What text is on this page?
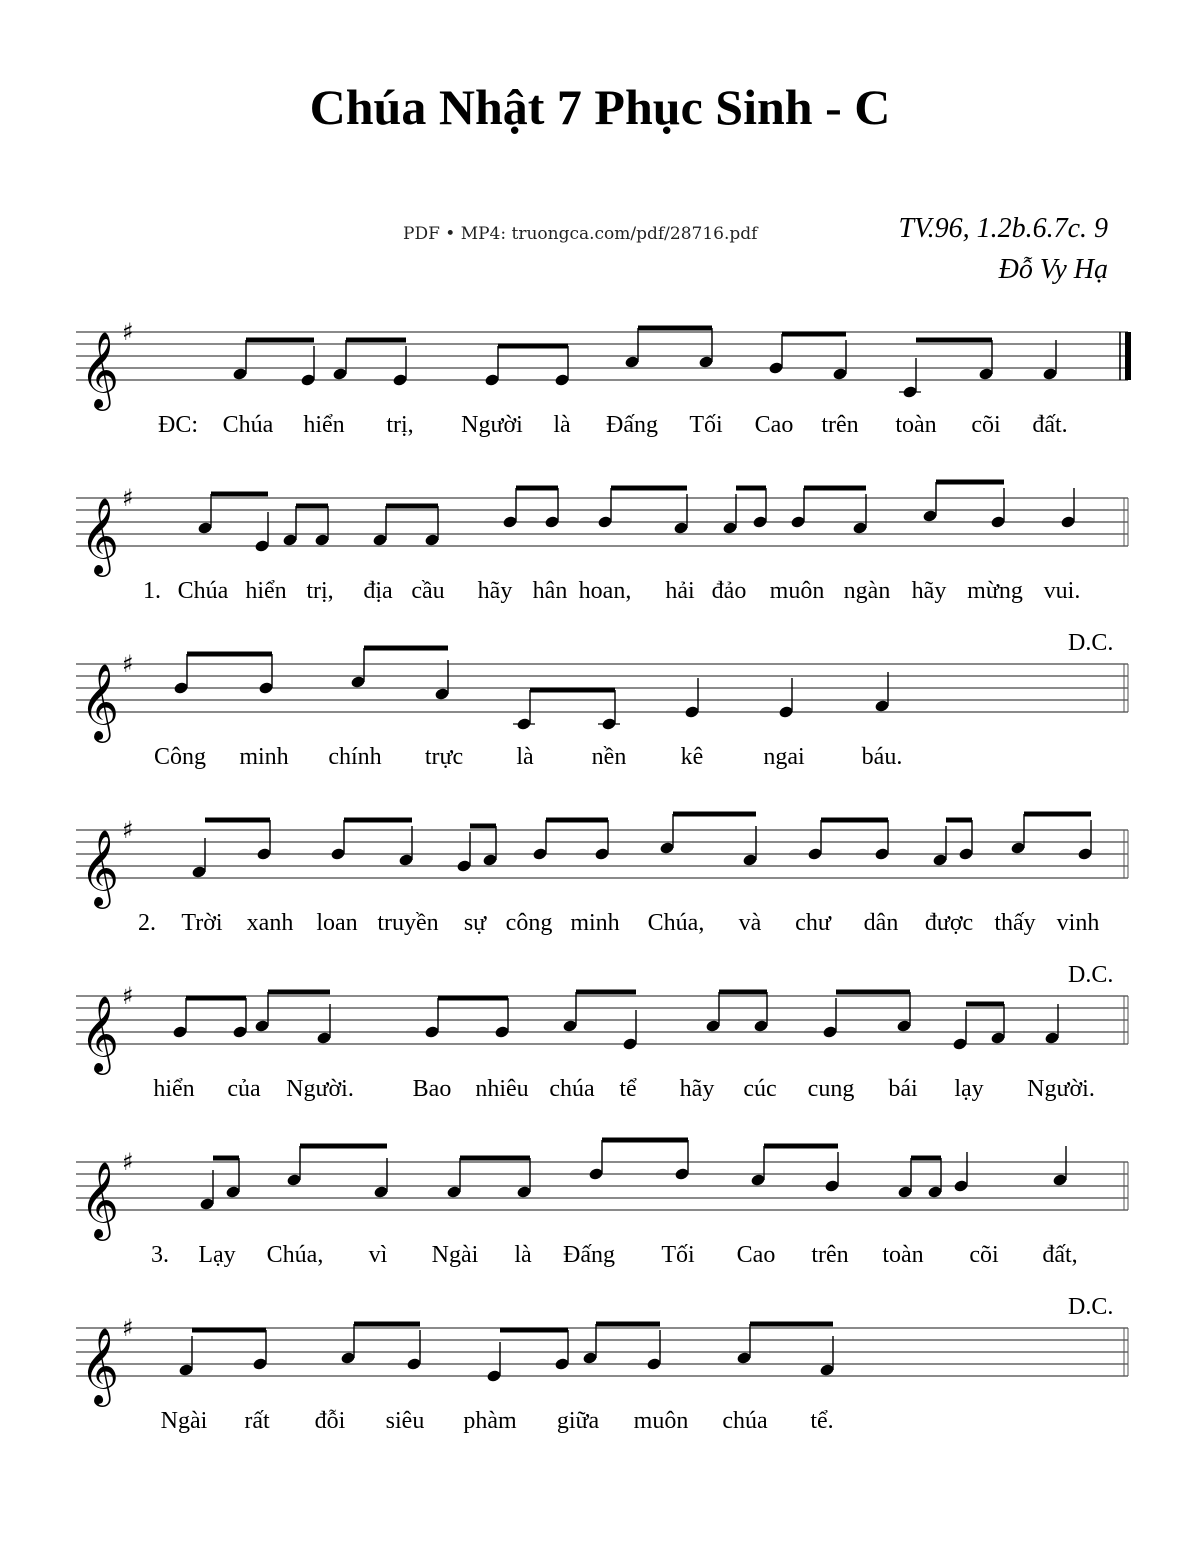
Chúa Nhật 7 Phục Sinh - C
PDF • MP4: truongca.com/pdf/28716.pdf	TV.96, 1.2b.6.7c. 9
Đỗ Vy Hạ
𝄞 ♯
ĐC: Chúa hiển trị, Người là Đấng Tối Cao trên toàn cõi đất.
𝄞 ♯
1. Chúa hiển trị, địa cầu hãy hân hoan, hải đảo muôn ngàn hãy mừng vui.
𝄞 ♯
D.C.
Công minh chính trực là nền kê	ngai báu.
𝄞 ♯
2. Trời xanh loan truyền sự công minh Chúa, và chư dân được thấy vinh
𝄞 ♯
D.C.
hiển của Người. Bao nhiêu chúa tể hãy cúc cung bái lạy Người.
𝄞 ♯
3. Lạy Chúa, vì Ngài là Đấng Tối Cao trên toàn cõi đất,
𝄞 ♯
D.C.
Ngài rất đỗi siêu phàm giữa muôn chúa tể.
